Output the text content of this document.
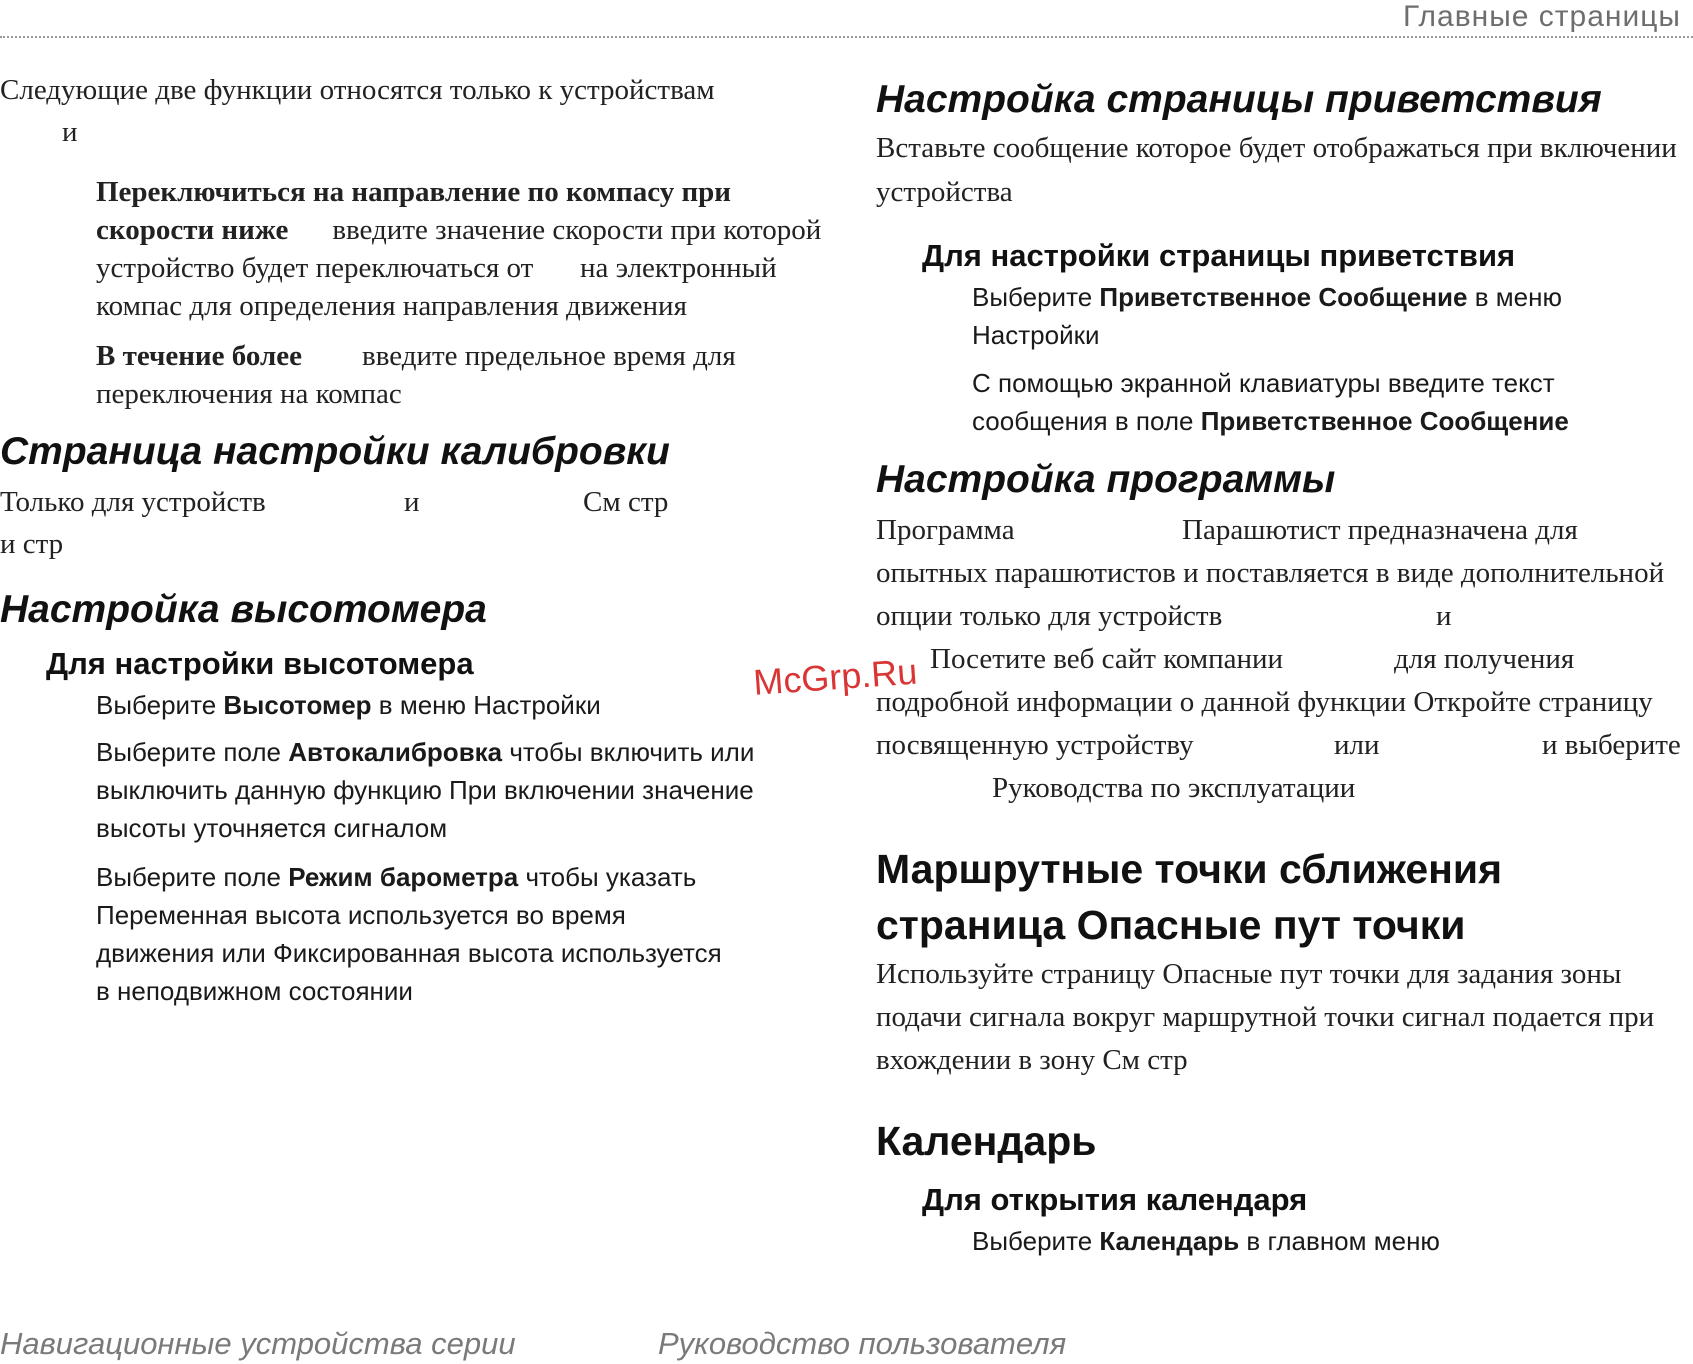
Главные страницы
Следующие две функции относятся только к устройствам
и
Переключиться на направление по компасу при
скорости ниже введите значение скорости при которой
устройство будет переключаться от на электронный
компас для определения направления движения
В течение более введите предельное время для
переключения на компас
Страница настройки калибровки
Только для устройств	и	См стр
и стр
Настройка высотомера
Для настройки высотомера
Выберите Высотомер в меню Настройки
Выберите поле Автокалибровка чтобы включить или
выключить данную функцию При включении значение
высоты уточняется сигналом
Выберите поле Режим барометра чтобы указать
Переменная высота используется во время
движения или Фиксированная высота используется
в неподвижном состоянии
Настройка страницы приветствия
Вставьте сообщение которое будет отображаться при включении
устройства
Для настройки страницы приветствия
Выберите Приветственное Сообщение в меню
Настройки
С помощью экранной клавиатуры введите текст
сообщения в поле Приветственное Сообщение
Настройка программы
Программа	Парашютист предназначена для
опытных парашютистов и поставляется в виде дополнительной
опции только для устройств	и
Посетите веб сайт компании	для получения
подробной информации о данной функции Откройте страницу
посвященную устройству	или	и выберите
Руководства по эксплуатации
Маршрутные точки сближения
страница Опасные пут точки
Используйте страницу Опасные пут точки для задания зоны
подачи сигнала вокруг маршрутной точки сигнал подается при
вхождении в зону См стр
Календарь
Для открытия календаря
Выберите Календарь в главном меню
McGrp.Ru
Навигационные устройства серии	Руководство пользователя
